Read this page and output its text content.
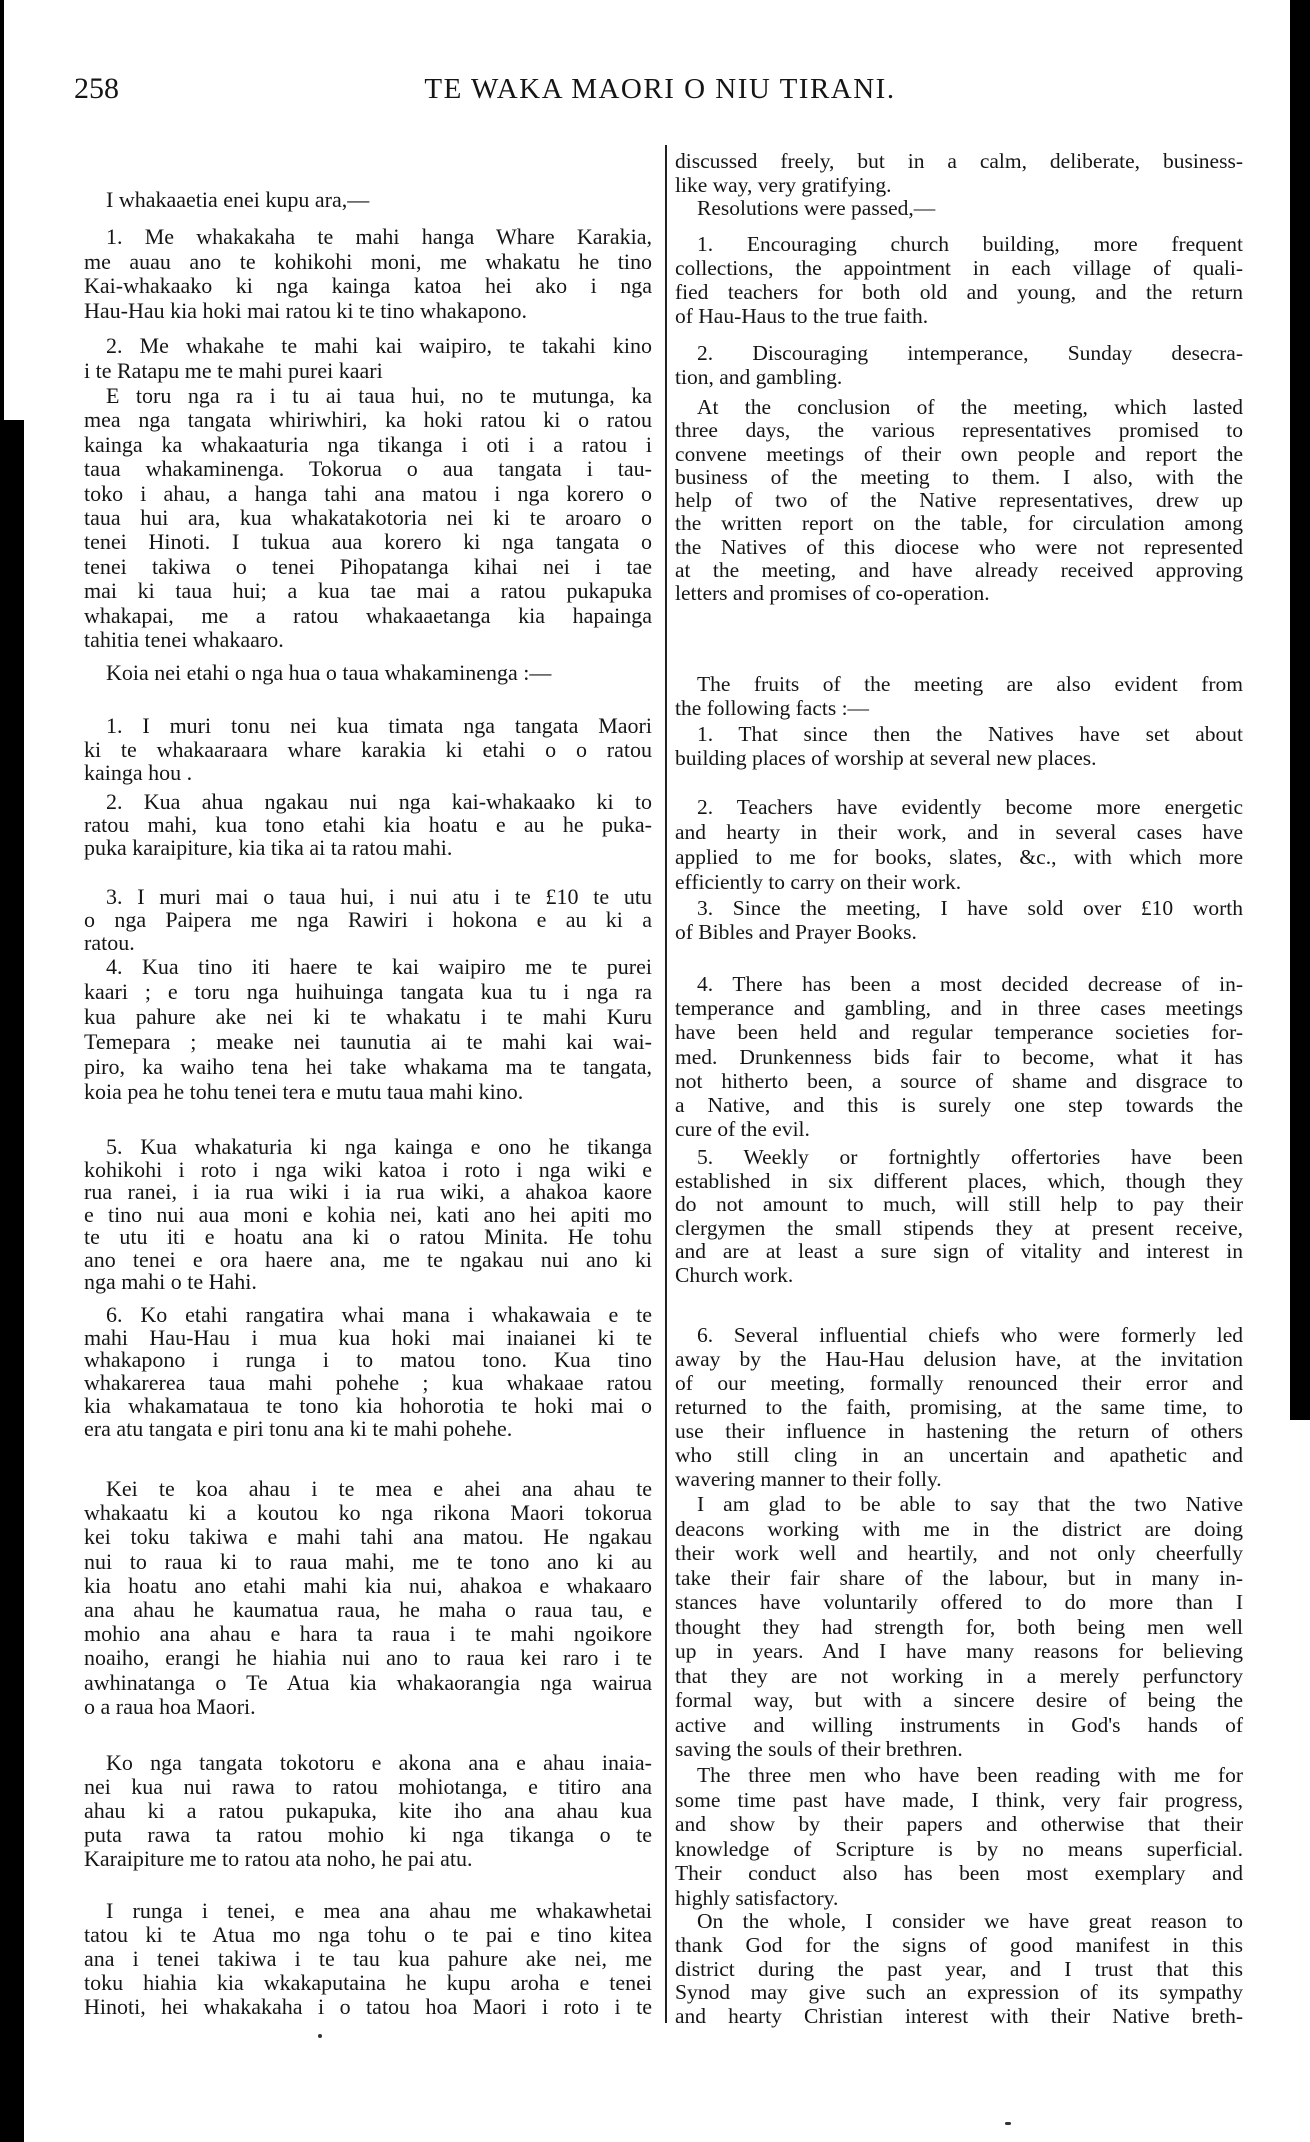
258	TE WAKA MAORI O NIU TIRANI.
I whakaaetia enei kupu ara,—
1. Me whakakaha te mahi hanga Whare Karakia,
me auau ano te kohikohi moni, me whakatu he tino
Kai-whakaako ki nga kainga katoa hei ako i nga
Hau-Hau kia hoki mai ratou ki te tino whakapono.
2. Me whakahe te mahi kai waipiro, te takahi kino
i te Ratapu me te mahi purei kaari
E toru nga ra i tu ai taua hui, no te mutunga, ka
mea nga tangata whiriwhiri, ka hoki ratou ki o ratou
kainga ka whakaaturia nga tikanga i oti i a ratou i
taua whakaminenga. Tokorua o aua tangata i tau-
toko i ahau, a hanga tahi ana matou i nga korero o
taua hui ara, kua whakatakotoria nei ki te aroaro o
tenei Hinoti. I tukua aua korero ki nga tangata o
tenei takiwa o tenei Pihopatanga kihai nei i tae
mai ki taua hui; a kua tae mai a ratou pukapuka
whakapai, me a ratou whakaaetanga kia hapainga
tahitia tenei whakaaro.
Koia nei etahi o nga hua o taua whakaminenga :—
1. I muri tonu nei kua timata nga tangata Maori
ki te whakaaraara whare karakia ki etahi o o ratou
kainga hou .
2. Kua ahua ngakau nui nga kai-whakaako ki to
ratou mahi, kua tono etahi kia hoatu e au he puka-
puka karaipiture, kia tika ai ta ratou mahi.
3. I muri mai o taua hui, i nui atu i te £10 te utu
o nga Paipera me nga Rawiri i hokona e au ki a
ratou.
4. Kua tino iti haere te kai waipiro me te purei
kaari ; e toru nga huihuinga tangata kua tu i nga ra
kua pahure ake nei ki te whakatu i te mahi Kuru
Temepara ; meake nei taunutia ai te mahi kai wai-
piro, ka waiho tena hei take whakama ma te tangata,
koia pea he tohu tenei tera e mutu taua mahi kino.
5. Kua whakaturia ki nga kainga e ono he tikanga
kohikohi i roto i nga wiki katoa i roto i nga wiki e
rua ranei, i ia rua wiki i ia rua wiki, a ahakoa kaore
e tino nui aua moni e kohia nei, kati ano hei apiti mo
te utu iti e hoatu ana ki o ratou Minita. He tohu
ano tenei e ora haere ana, me te ngakau nui ano ki
nga mahi o te Hahi.
6. Ko etahi rangatira whai mana i whakawaia e te
mahi Hau-Hau i mua kua hoki mai inaianei ki te
whakapono i runga i to matou tono. Kua tino
whakarerea taua mahi pohehe ; kua whakaae ratou
kia whakamataua te tono kia hohorotia te hoki mai o
era atu tangata e piri tonu ana ki te mahi pohehe.
Kei te koa ahau i te mea e ahei ana ahau te
whakaatu ki a koutou ko nga rikona Maori tokorua
kei toku takiwa e mahi tahi ana matou. He ngakau
nui to raua ki to raua mahi, me te tono ano ki au
kia hoatu ano etahi mahi kia nui, ahakoa e whakaaro
ana ahau he kaumatua raua, he maha o raua tau, e
mohio ana ahau e hara ta raua i te mahi ngoikore
noaiho, erangi he hiahia nui ano to raua kei raro i te
awhinatanga o Te Atua kia whakaorangia nga wairua
o a raua hoa Maori.
Ko nga tangata tokotoru e akona ana e ahau inaia-
nei kua nui rawa to ratou mohiotanga, e titiro ana
ahau ki a ratou pukapuka, kite iho ana ahau kua
puta rawa ta ratou mohio ki nga tikanga o te
Karaipiture me to ratou ata noho, he pai atu.
I runga i tenei, e mea ana ahau me whakawhetai
tatou ki te Atua mo nga tohu o te pai e tino kitea
ana i tenei takiwa i te tau kua pahure ake nei, me
toku hiahia kia wkakaputaina he kupu aroha e tenei
Hinoti, hei whakakaha i o tatou hoa Maori i roto i te
discussed freely, but in a calm, deliberate, business-
like way, very gratifying.
Resolutions were passed,—
1. Encouraging church building, more frequent
collections, the appointment in each village of quali-
fied teachers for both old and young, and the return
of Hau-Haus to the true faith.
2. Discouraging intemperance, Sunday desecra-
tion, and gambling.
At the conclusion of the meeting, which lasted
three days, the various representatives promised to
convene meetings of their own people and report the
business of the meeting to them. I also, with the
help of two of the Native representatives, drew up
the written report on the table, for circulation among
the Natives of this diocese who were not represented
at the meeting, and have already received approving
letters and promises of co-operation.
The fruits of the meeting are also evident from
the following facts :—
1. That since then the Natives have set about
building places of worship at several new places.
2. Teachers have evidently become more energetic
and hearty in their work, and in several cases have
applied to me for books, slates, &c., with which more
efficiently to carry on their work.
3. Since the meeting, I have sold over £10 worth
of Bibles and Prayer Books.
4. There has been a most decided decrease of in-
temperance and gambling, and in three cases meetings
have been held and regular temperance societies for-
med. Drunkenness bids fair to become, what it has
not hitherto been, a source of shame and disgrace to
a Native, and this is surely one step towards the
cure of the evil.
5. Weekly or fortnightly offertories have been
established in six different places, which, though they
do not amount to much, will still help to pay their
clergymen the small stipends they at present receive,
and are at least a sure sign of vitality and interest in
Church work.
6. Several influential chiefs who were formerly led
away by the Hau-Hau delusion have, at the invitation
of our meeting, formally renounced their error and
returned to the faith, promising, at the same time, to
use their influence in hastening the return of others
who still cling in an uncertain and apathetic and
wavering manner to their folly.
I am glad to be able to say that the two Native
deacons working with me in the district are doing
their work well and heartily, and not only cheerfully
take their fair share of the labour, but in many in-
stances have voluntarily offered to do more than I
thought they had strength for, both being men well
up in years. And I have many reasons for believing
that they are not working in a merely perfunctory
formal way, but with a sincere desire of being the
active and willing instruments in God's hands of
saving the souls of their brethren.
The three men who have been reading with me for
some time past have made, I think, very fair progress,
and show by their papers and otherwise that their
knowledge of Scripture is by no means superficial.
Their conduct also has been most exemplary and
highly satisfactory.
On the whole, I consider we have great reason to
thank God for the signs of good manifest in this
district during the past year, and I trust that this
Synod may give such an expression of its sympathy
and hearty Christian interest with their Native breth-
